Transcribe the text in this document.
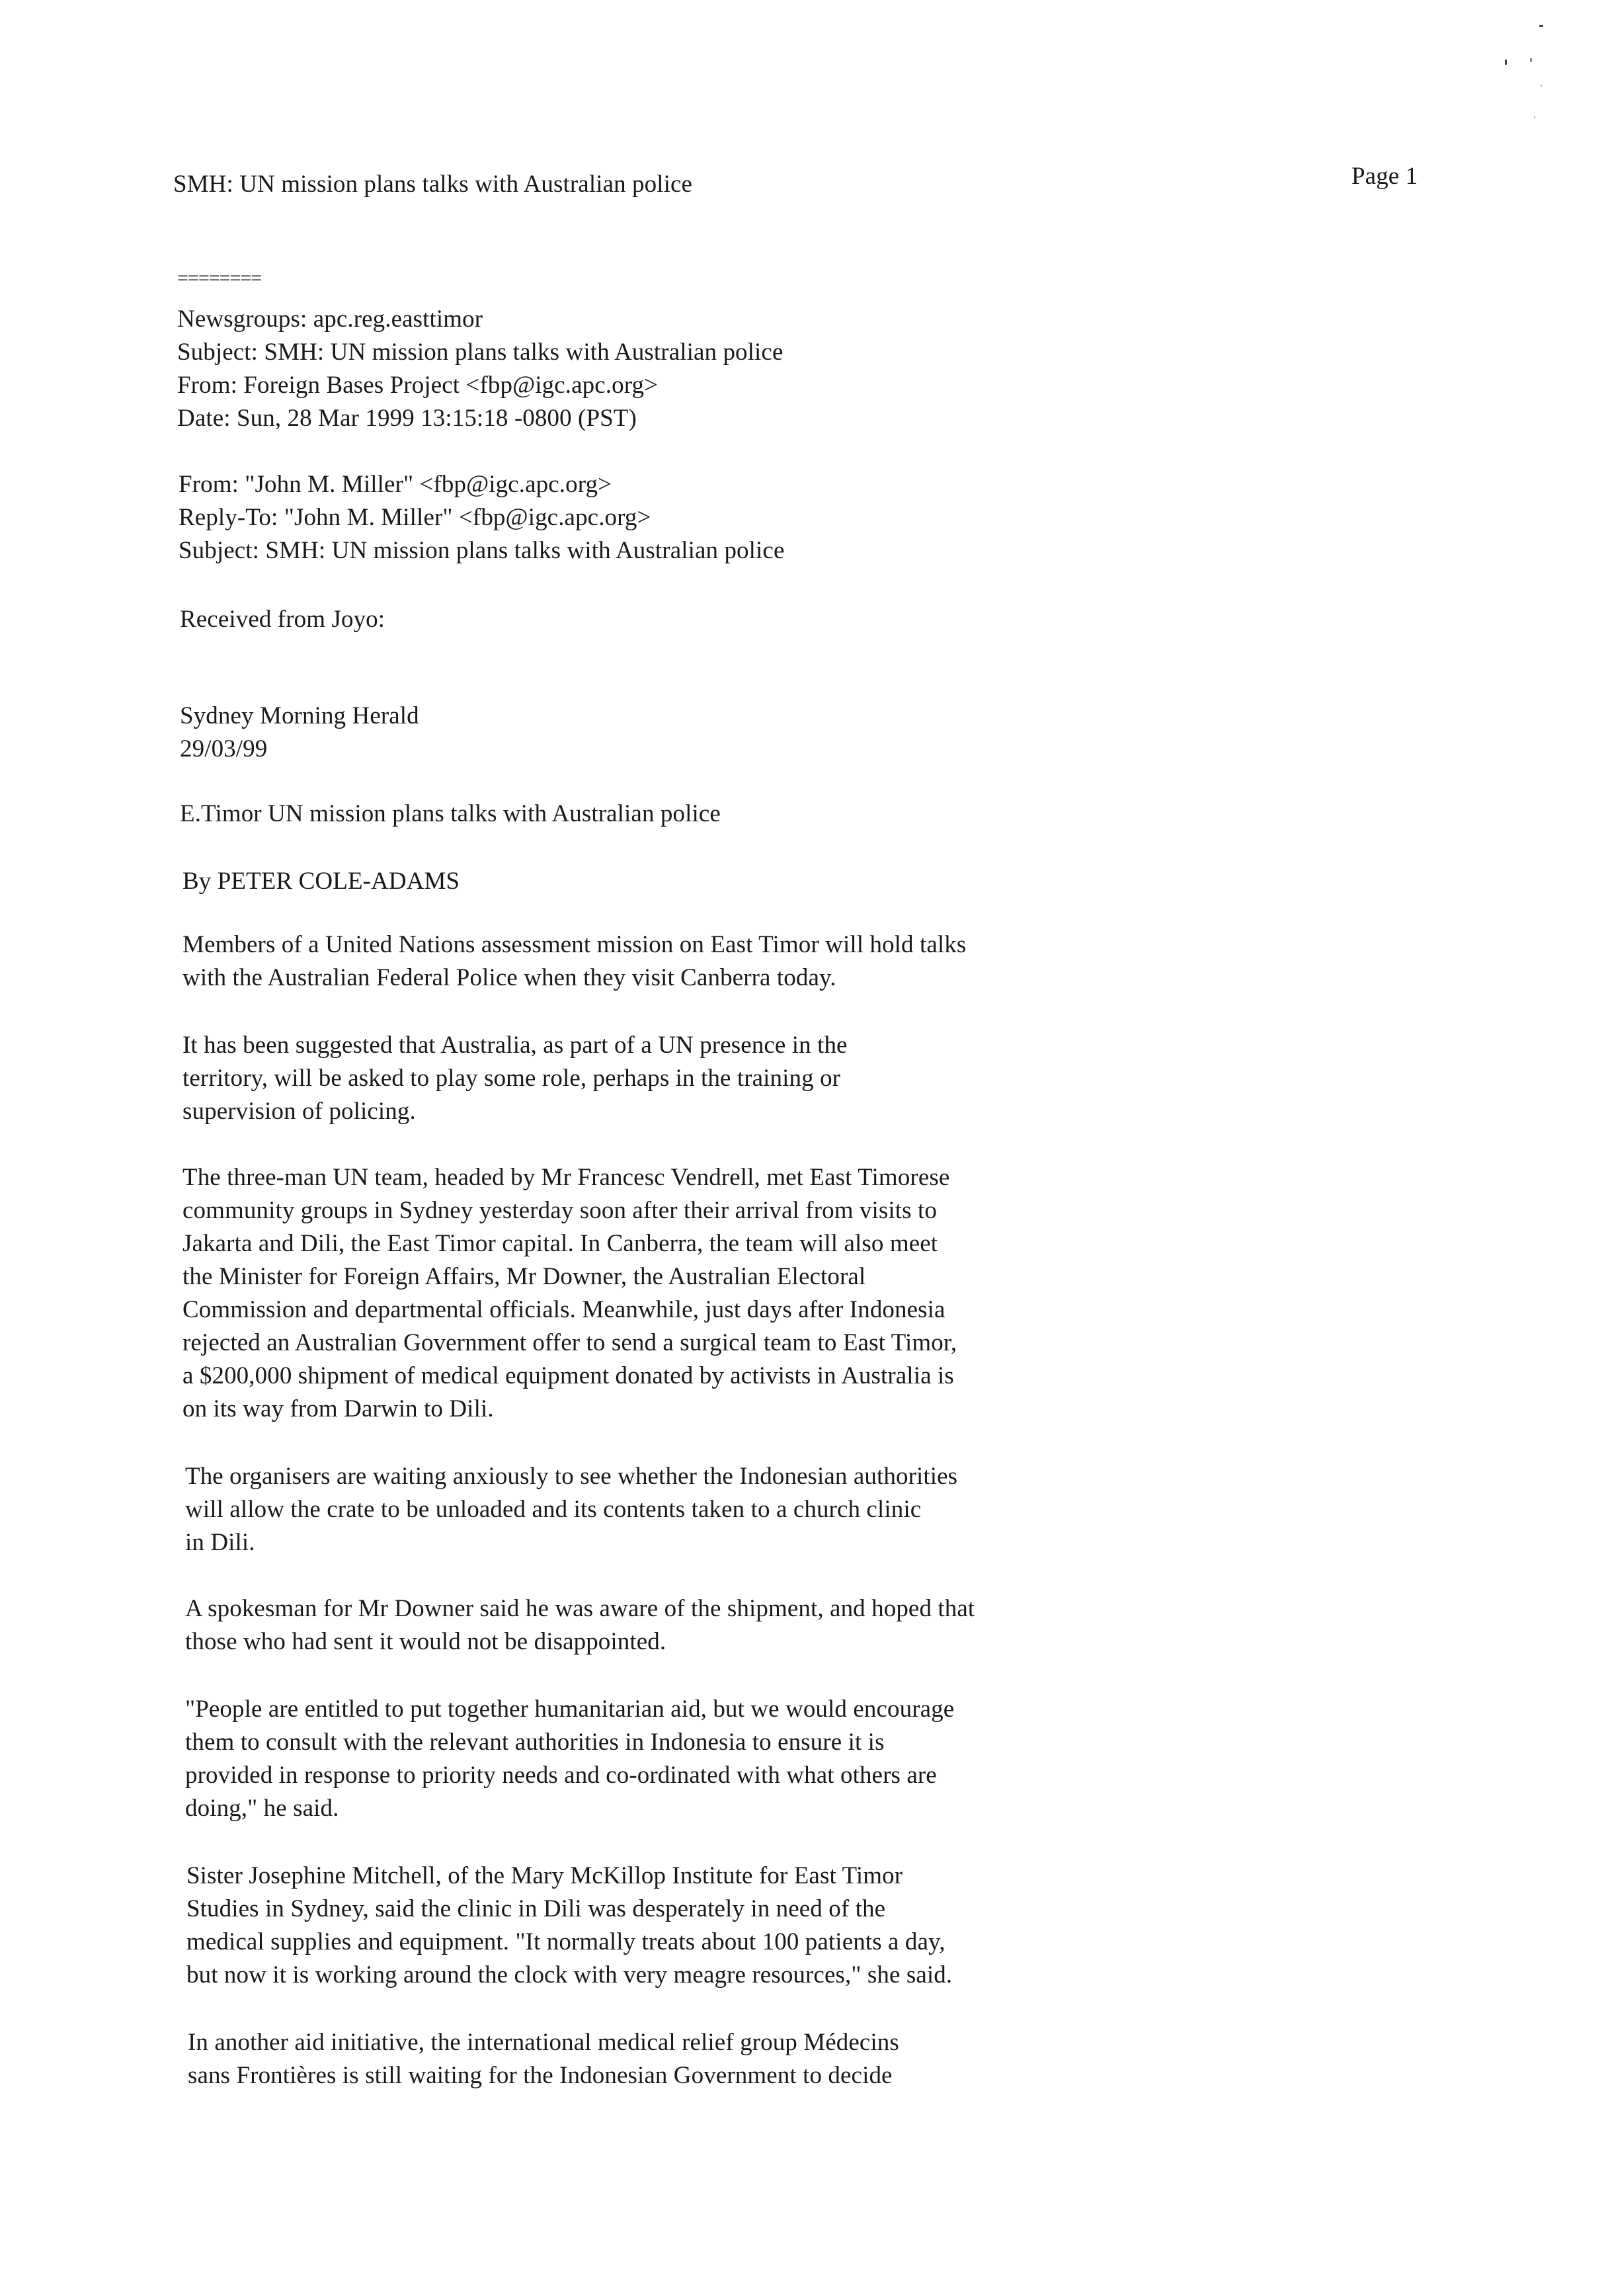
SMH: UN mission plans talks with Australian police	Page 1
========
Newsgroups: apc.reg.easttimor
Subject: SMH: UN mission plans talks with Australian police
From: Foreign Bases Project <fbp@igc.apc.org>
Date: Sun, 28 Mar 1999 13:15:18 -0800 (PST)
From: "John M. Miller" <fbp@igc.apc.org>
Reply-To: "John M. Miller" <fbp@igc.apc.org>
Subject: SMH: UN mission plans talks with Australian police
Received from Joyo:
Sydney Morning Herald
29/03/99
E.Timor UN mission plans talks with Australian police
By PETER COLE-ADAMS
Members of a United Nations assessment mission on East Timor will hold talks
with the Australian Federal Police when they visit Canberra today.
It has been suggested that Australia, as part of a UN presence in the
territory, will be asked to play some role, perhaps in the training or
supervision of policing.
The three-man UN team, headed by Mr Francesc Vendrell, met East Timorese
community groups in Sydney yesterday soon after their arrival from visits to
Jakarta and Dili, the East Timor capital. In Canberra, the team will also meet
the Minister for Foreign Affairs, Mr Downer, the Australian Electoral
Commission and departmental officials. Meanwhile, just days after Indonesia
rejected an Australian Government offer to send a surgical team to East Timor,
a $200,000 shipment of medical equipment donated by activists in Australia is
on its way from Darwin to Dili.
The organisers are waiting anxiously to see whether the Indonesian authorities
will allow the crate to be unloaded and its contents taken to a church clinic
in Dili.
A spokesman for Mr Downer said he was aware of the shipment, and hoped that
those who had sent it would not be disappointed.
"People are entitled to put together humanitarian aid, but we would encourage
them to consult with the relevant authorities in Indonesia to ensure it is
provided in response to priority needs and co-ordinated with what others are
doing," he said.
Sister Josephine Mitchell, of the Mary McKillop Institute for East Timor
Studies in Sydney, said the clinic in Dili was desperately in need of the
medical supplies and equipment. "It normally treats about 100 patients a day,
but now it is working around the clock with very meagre resources," she said.
In another aid initiative, the international medical relief group Médecins
sans Frontières is still waiting for the Indonesian Government to decide
